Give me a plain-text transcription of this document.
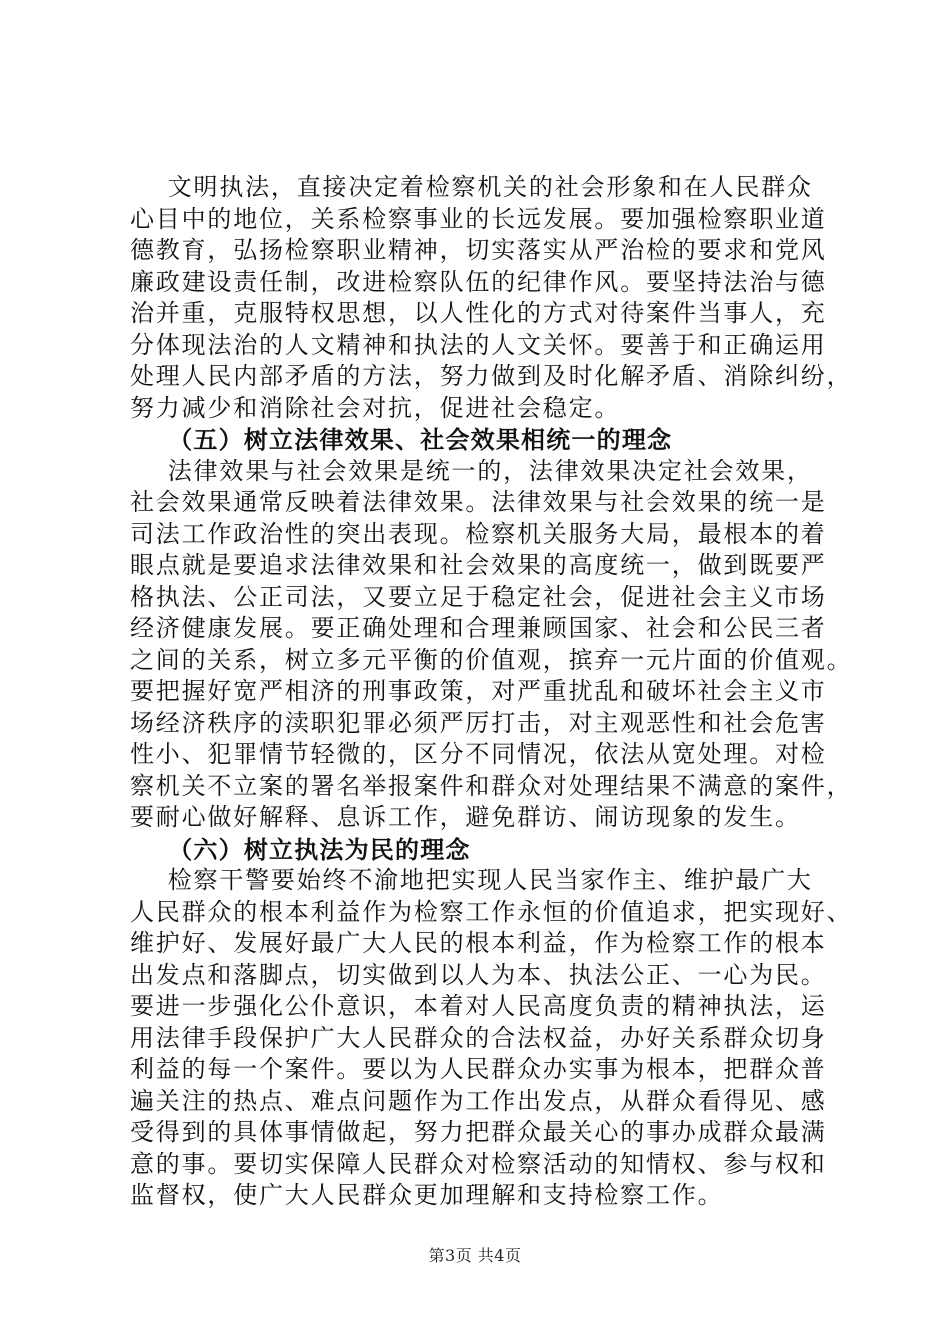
文明执法，直接决定着检察机关的社会形象和在人民群众
心目中的地位，关系检察事业的长远发展。要加强检察职业道
德教育，弘扬检察职业精神，切实落实从严治检的要求和党风
廉政建设责任制，改进检察队伍的纪律作风。要坚持法治与德
治并重，克服特权思想，以人性化的方式对待案件当事人，充
分体现法治的人文精神和执法的人文关怀。要善于和正确运用
处理人民内部矛盾的方法，努力做到及时化解矛盾、消除纠纷，
努力减少和消除社会对抗，促进社会稳定。
（五）树立法律效果、社会效果相统一的理念
法律效果与社会效果是统一的，法律效果决定社会效果，
社会效果通常反映着法律效果。法律效果与社会效果的统一是
司法工作政治性的突出表现。检察机关服务大局，最根本的着
眼点就是要追求法律效果和社会效果的高度统一，做到既要严
格执法、公正司法，又要立足于稳定社会，促进社会主义市场
经济健康发展。要正确处理和合理兼顾国家、社会和公民三者
之间的关系，树立多元平衡的价值观，摈弃一元片面的价值观。
要把握好宽严相济的刑事政策，对严重扰乱和破坏社会主义市
场经济秩序的渎职犯罪必须严厉打击，对主观恶性和社会危害
性小、犯罪情节轻微的，区分不同情况，依法从宽处理。对检
察机关不立案的署名举报案件和群众对处理结果不满意的案件，
要耐心做好解释、息诉工作，避免群访、闹访现象的发生。
（六）树立执法为民的理念
检察干警要始终不渝地把实现人民当家作主、维护最广大
人民群众的根本利益作为检察工作永恒的价值追求，把实现好、
维护好、发展好最广大人民的根本利益，作为检察工作的根本
出发点和落脚点，切实做到以人为本、执法公正、一心为民。
要进一步强化公仆意识，本着对人民高度负责的精神执法，运
用法律手段保护广大人民群众的合法权益，办好关系群众切身
利益的每一个案件。要以为人民群众办实事为根本，把群众普
遍关注的热点、难点问题作为工作出发点，从群众看得见、感
受得到的具体事情做起，努力把群众最关心的事办成群众最满
意的事。要切实保障人民群众对检察活动的知情权、参与权和
监督权，使广大人民群众更加理解和支持检察工作。
第3页 共4页
